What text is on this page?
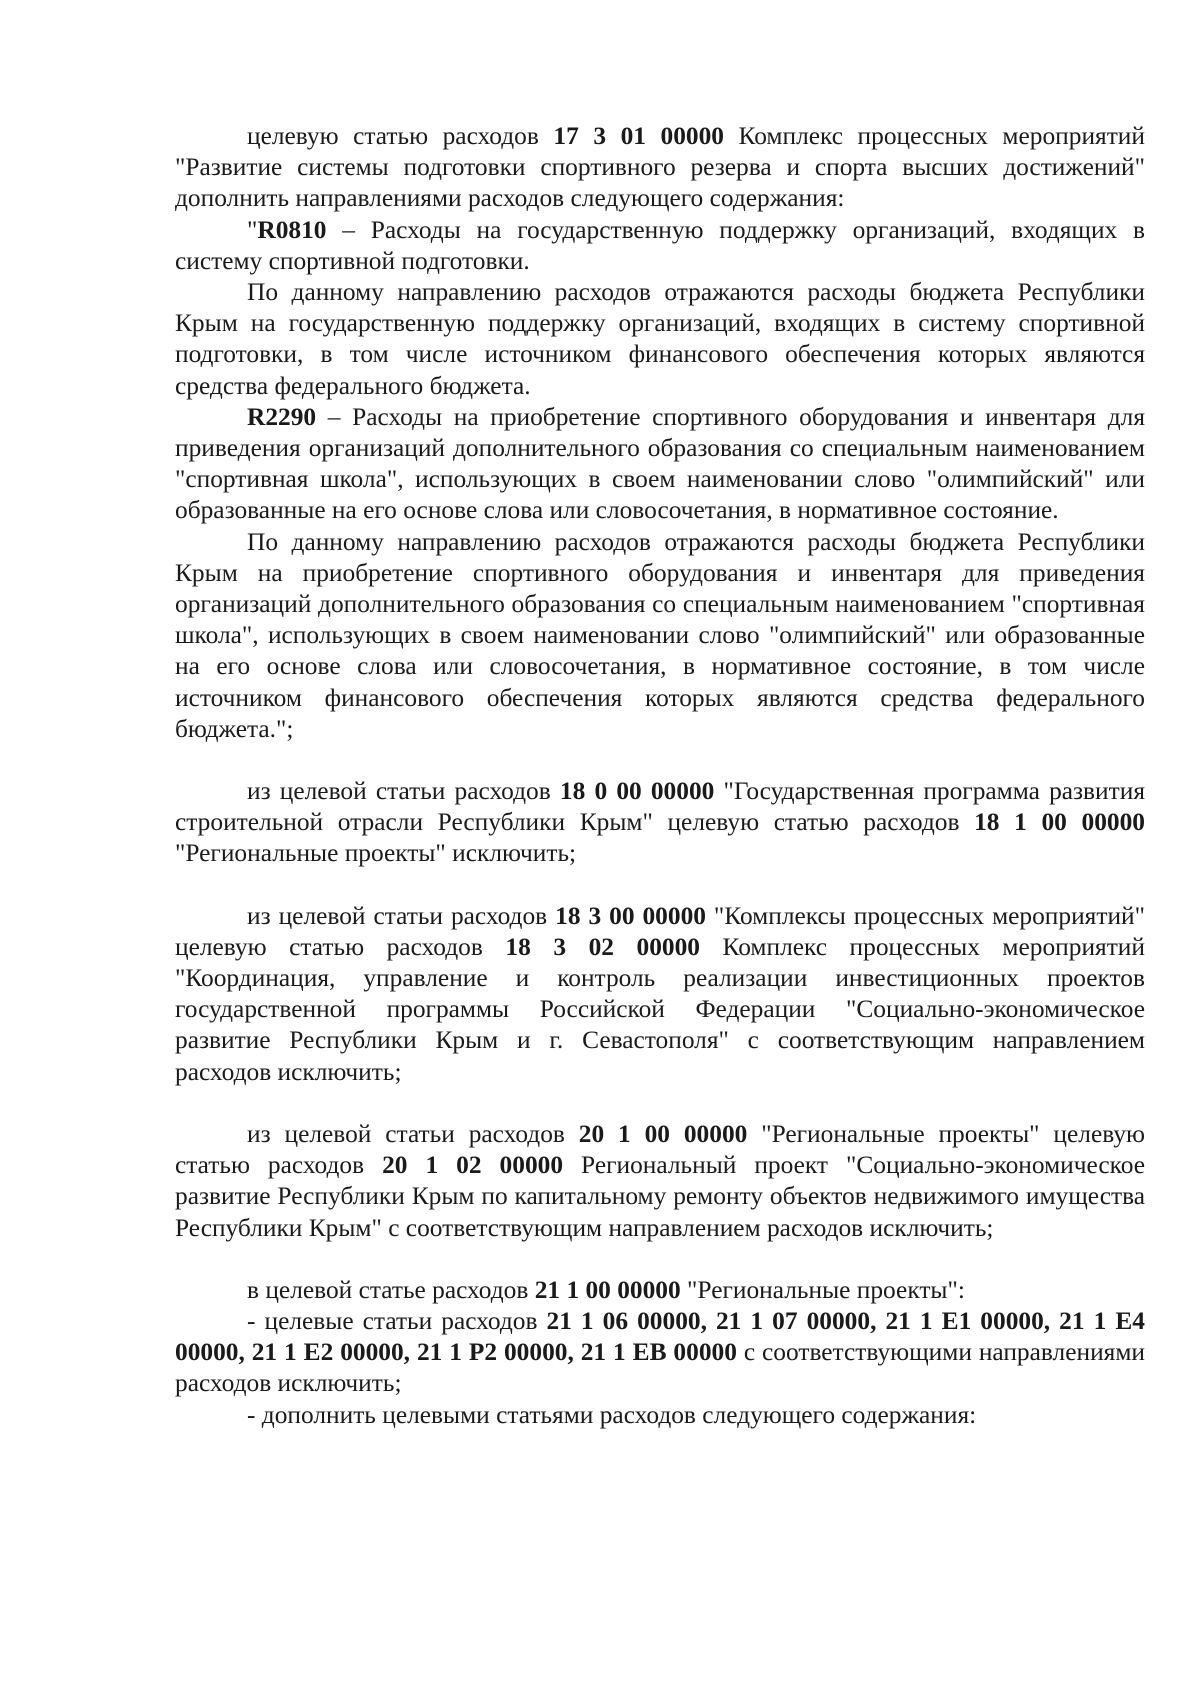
целевую статью расходов 17 3 01 00000 Комплекс процессных мероприятий "Развитие системы подготовки спортивного резерва и спорта высших достижений" дополнить направлениями расходов следующего содержания:

"R0810 – Расходы на государственную поддержку организаций, входящих в систему спортивной подготовки.

По данному направлению расходов отражаются расходы бюджета Республики Крым на государственную поддержку организаций, входящих в систему спортивной подготовки, в том числе источником финансового обеспечения которых являются средства федерального бюджета.

R2290 – Расходы на приобретение спортивного оборудования и инвентаря для приведения организаций дополнительного образования со специальным наименованием "спортивная школа", использующих в своем наименовании слово "олимпийский" или образованные на его основе слова или словосочетания, в нормативное состояние.

По данному направлению расходов отражаются расходы бюджета Республики Крым на приобретение спортивного оборудования и инвентаря для приведения организаций дополнительного образования со специальным наименованием "спортивная школа", использующих в своем наименовании слово "олимпийский" или образованные на его основе слова или словосочетания, в нормативное состояние, в том числе источником финансового обеспечения которых являются средства федерального бюджета.";

из целевой статьи расходов 18 0 00 00000 "Государственная программа развития строительной отрасли Республики Крым" целевую статью расходов 18 1 00 00000 "Региональные проекты" исключить;

из целевой статьи расходов 18 3 00 00000 "Комплексы процессных мероприятий" целевую статью расходов 18 3 02 00000 Комплекс процессных мероприятий "Координация, управление и контроль реализации инвестиционных проектов государственной программы Российской Федерации "Социально-экономическое развитие Республики Крым и г. Севастополя" с соответствующим направлением расходов исключить;

из целевой статьи расходов 20 1 00 00000 "Региональные проекты" целевую статью расходов 20 1 02 00000 Региональный проект "Социально-экономическое развитие Республики Крым по капитальному ремонту объектов недвижимого имущества Республики Крым" с соответствующим направлением расходов исключить;

в целевой статье расходов 21 1 00 00000 "Региональные проекты":

- целевые статьи расходов 21 1 06 00000, 21 1 07 00000, 21 1 E1 00000, 21 1 E4 00000, 21 1 E2 00000, 21 1 P2 00000, 21 1 EB 00000 с соответствующими направлениями расходов исключить;

- дополнить целевыми статьями расходов следующего содержания:
